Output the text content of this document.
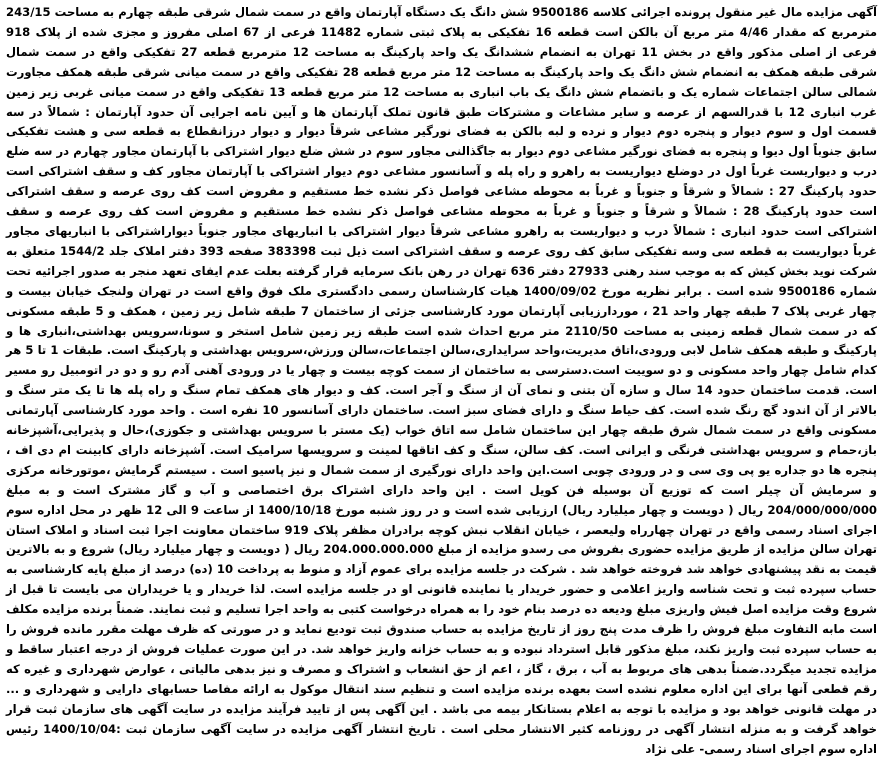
آگهی مزایده مال غیر منقول پرونده اجرائی کلاسه 9500186 شش دانگ یک دستگاه آپارتمان واقع در سمت شمال شرقی طبقه چهارم به مساحت 243/15 مترمربع که مقدار 4/46 متر مربع آن بالکن است قطعه 16 تفکیکی به پلاک ثبتی شماره 11482 فرعی از 67 اصلی مفروز و مجزی شده از پلاک 918 فرعی از اصلی مذکور واقع در بخش 11 تهران به انضمام ششدانگ یک واحد پارکینگ به مساحت 12 مترمربع قطعه 27 تفکیکی واقع در سمت شمال شرقی طبقه همکف به انضمام شش دانگ یک واحد پارکینگ به مساحت 12 متر مربع قطعه 28 تفکیکی واقع در سمت میانی شرقی طبقه همکف مجاورت شمالی سالن اجتماعات شماره یک و باتضمام شش دانگ یک باب انباری به مساحت 12 متر مربع قطعه 13 تفکیکی واقع در سمت میانی غربی زیر زمین غرب انباری 12 با قدرالسهم از عرصه و سایر مشاعات و مشترکات طبق قانون تملک آپارتمان ها و آیین نامه اجرایی آن حدود آپارتمان : شمالاً در سه قسمت اول و سوم دیوار و پنجره دوم دیوار و نرده و لبه بالکن به فضای نورگیر مشاعی شرقاً دیوار و دیوار درزانقطاع به قطعه سی و هشت تفکیکی سابق جنوباً اول دیوا و پنجره به فضای نورگیر مشاعی دوم دیوار به جاگذالنی مجاور سوم در شش ضلع دیوار اشتراکی با آپارتمان مجاور چهارم در سه ضلع درب و دیواریست غرباً اول در دوضلع دیواریست به راهرو و راه پله و آسانسور مشاعی دوم دیوار اشتراکی با آپارتمان مجاور کف و سقف اشتراکی است حدود پارکینگ 27 : شمالاً و شرقاً و جنوباً و غرباً به محوطه مشاعی فواصل ذکر نشده خط مستقیم و مفروض است کف روی عرصه و سقف اشتراکی است حدود پارکینگ 28 : شمالاً و شرقاً و جنوباً و غرباً به محوطه مشاعی فواصل ذکر نشده خط مستقیم و مفروض است کف روی عرصه و سقف اشتراکی است حدود انباری : شمالاً درب و دیواریست به راهرو مشاعی شرقاً دیوار اشتراکی با انباریهای مجاور جنوباً دیواراشتراکی با انباریهای مجاور غرباً دیواریست به قطعه سی وسه تفکیکی سابق کف روی عرصه و سقف اشتراکی است ذیل ثبت 383398 صفحه 393 دفتر املاک جلد 1544/2 متعلق به شرکت نوید بخش کیش که به موجب سند رهنی 27933 دفتر 636 تهران در رهن بانک سرمایه قرار گرفته بعلت عدم ایفای تعهد منجر به صدور اجرائیه تحت شماره 9500186 شده است . برابر نظریه مورخ 1400/09/02 هیات کارشناسان رسمی دادگستری ملک فوق واقع است در تهران ولنجک خیابان بیست و چهار غربی پلاک 7 طبقه چهار واحد 21 ، موردارزیابی آپارتمان مورد کارشناسی جزئی از ساختمان 7 طبقه شامل زیر زمین ، همکف و 5 طبقه مسکونی که در سمت شمال قطعه زمینی به مساحت 2110/50 متر مربع احداث شده است طبقه زیر زمین شامل استخر و سونا،سرویس بهداشتی،انباری ها و پارکینگ و طبقه همکف شامل لابی ورودی،اتاق مدیریت،واحد سرایداری،سالن اجتماعات،سالن ورزش،سرویس بهداشتی و پارکینگ است. طبقات 1 تا 5 هر کدام شامل چهار واحد مسکونی و دو سوییت است.دسترسی به ساختمان از سمت کوچه بیست و چهار یا در ورودی آهنی آدم رو و دو در اتومبیل رو مسیر است. قدمت ساختمان حدود 14 سال و سازه آن بتنی و نمای آن از سنگ و آجر است. کف و دیوار های همکف تمام سنگ و راه پله ها تا یک متر سنگ و بالاتر از آن اندود گچ رنگ شده است. کف حیاط سنگ و دارای فضای سبز است. ساختمان دارای آسانسور 10 نفره است . واحد مورد کارشناسی آپارتمانی مسکونی واقع در سمت شمال شرق طبقه چهار این ساختمان شامل سه اتاق خواب (یک مستر با سرویس بهداشتی و جکوزی)،حال و پذیرایی،آشپزخانه باز،حمام و سرویس بهداشتی فرنگی و ایرانی است. کف سالن، سنگ و کف اتاقها لمینت و سرویسها سرامیک است. آشپزخانه دارای کابینت ام دی اف ، پنجره ها دو جداره یو پی وی سی و در ورودی چوبی است.این واحد دارای نورگیری از سمت شمال و نیز پاسیو است . سیستم گرمایش ،موتورخانه مرکزی و سرمایش آن چیلر است که توزیع آن بوسیله فن کویل است . این واحد دارای اشتراک برق اختصاصی و آب و گاز مشترک است و به مبلغ 204/000/000/000 ریال ( دویست و چهار میلیارد ریال) ارزیابی شده است و در روز شنبه مورخ 1400/10/18 از ساعت 9 الی 12 ظهر در محل اداره سوم اجرای اسناد رسمی واقع در تهران چهارراه ولیعصر ، خیابان انقلاب نبش کوچه برادران مظفر پلاک 919 ساختمان معاونت اجرا ثبت اسناد و املاک استان تهران سالن مزایده از طریق مزایده حضوری بفروش می رسدو مزایده از مبلغ 204.000.000.000 ریال ( دویست و چهار میلیارد ریال) شروع و به بالاترین قیمت به نقد پیشنهادی خواهد شد فروخته خواهد شد . شرکت در جلسه مزایده برای عموم آزاد و منوط به پرداخت 10 (ده) درصد از مبلغ پایه کارشناسی به حساب سپرده ثبت و تحت شناسه واریز اعلامی و حضور خریدار یا نماینده قانونی او در جلسه مزایده است. لذا خریدار و یا خریداران می بایست تا قبل از شروع وقت مزایده اصل فیش واریزی مبلغ ودیعه ده درصد بنام خود را به همراه درخواست کتبی به واحد اجرا تسلیم و ثبت نمایند. ضمناً برنده مزایده مکلف است مابه التفاوت مبلغ فروش را ظرف مدت پنج روز از تاریخ مزایده به حساب صندوق ثبت تودیع نماید و در صورتی که ظرف مهلت مقرر مانده فروش را به حساب سپرده ثبت واریز نکند، مبلغ مذکور قابل استرداد نبوده و به حساب خزانه واریز خواهد شد. در این صورت عملیات فروش از درجه اعتبار ساقط و مزایده تجدید میگردد.ضمناً بدهی های مربوط به آب ، برق ، گاز ، اعم از حق انشعاب و اشتراک و مصرف و نیز بدهی مالیاتی ، عوارض شهرداری و غیره که رقم قطعی آنها برای این اداره معلوم نشده است بعهده برنده مزایده است و تنظیم سند انتقال موکول به ارائه مفاصا حسابهای دارایی و شهرداری و ... در مهلت قانونی خواهد بود و مزایده با توجه به اعلام بستانکار بیمه می باشد . این آگهی پس از تایید فرآیند مزایده در سایت آگهی های سازمان ثبت قرار خواهد گرفت و به منزله انتشار آگهی در روزنامه کثیر الانتشار محلی است . تاریخ انتشار آگهی مزایده در سایت آگهی سازمان ثبت :1400/10/04 رئیس اداره سوم اجرای اسناد رسمی- علی نژاد
